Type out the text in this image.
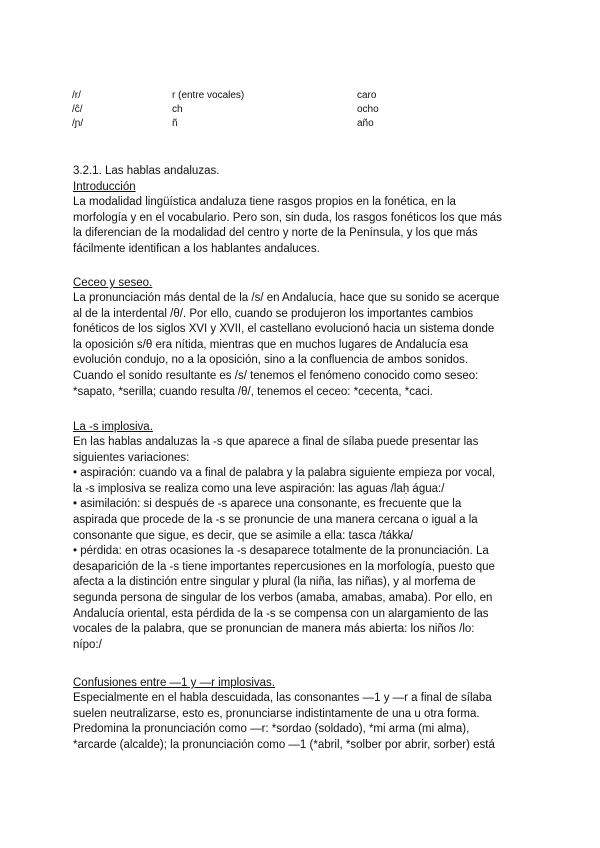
/r/	r (entre vocales)	caro
/ĉ/	ch	ocho
/ɲ/	ñ	año
3.2.1. Las hablas andaluzas.
Introducción
La modalidad lingüística andaluza tiene rasgos propios en la fonética, en la
morfología y en el vocabulario. Pero son, sin duda, los rasgos fonéticos los que más
la diferencian de la modalidad del centro y norte de la Península, y los que más
fácilmente identifican a los hablantes andaluces.
Ceceo y seseo.
La pronunciación más dental de la /s/ en Andalucía, hace que su sonido se acerque
al de la interdental /θ/. Por ello, cuando se produjeron los importantes cambios
fonéticos de los siglos XVI y XVII, el castellano evolucionó hacia un sistema donde
la oposición s/θ era nítida, mientras que en muchos lugares de Andalucía esa
evolución condujo, no a la oposición, sino a la confluencia de ambos sonidos.
Cuando el sonido resultante es /s/ tenemos el fenómeno conocido como seseo:
*sapato, *serilla; cuando resulta /θ/, tenemos el ceceo: *cecenta, *caci.
La -s implosiva.
En las hablas andaluzas la -s que aparece a final de sílaba puede presentar las
siguientes variaciones:
• aspiración: cuando va a final de palabra y la palabra siguiente empieza por vocal,
la -s implosiva se realiza como una leve aspiración: las aguas /laḥ água:/
• asimilación: si después de -s aparece una consonante, es frecuente que la
aspirada que procede de la -s se pronuncie de una manera cercana o igual a la
consonante que sigue, es decir, que se asimile a ella: tasca /tákka/
• pérdida: en otras ocasiones la -s desaparece totalmente de la pronunciación. La
desaparición de la -s tiene importantes repercusiones en la morfología, puesto que
afecta a la distinción entre singular y plural (la niña, las niñas), y al morfema de
segunda persona de singular de los verbos (amaba, amabas, amaba). Por ello, en
Andalucía oriental, esta pérdida de la -s se compensa con un alargamiento de las
vocales de la palabra, que se pronuncian de manera más abierta: los niños /lo:
nípo:/
Confusiones entre —1 y —r implosivas.
Especialmente en el habla descuidada, las consonantes —1 y —r a final de sílaba
suelen neutralizarse, esto es, pronunciarse indistintamente de una u otra forma.
Predomina la pronunciación como —r: *sordao (soldado), *mi arma (mi alma),
*arcarde (alcalde); la pronunciación como —1 (*abril, *solber por abrir, sorber) está
